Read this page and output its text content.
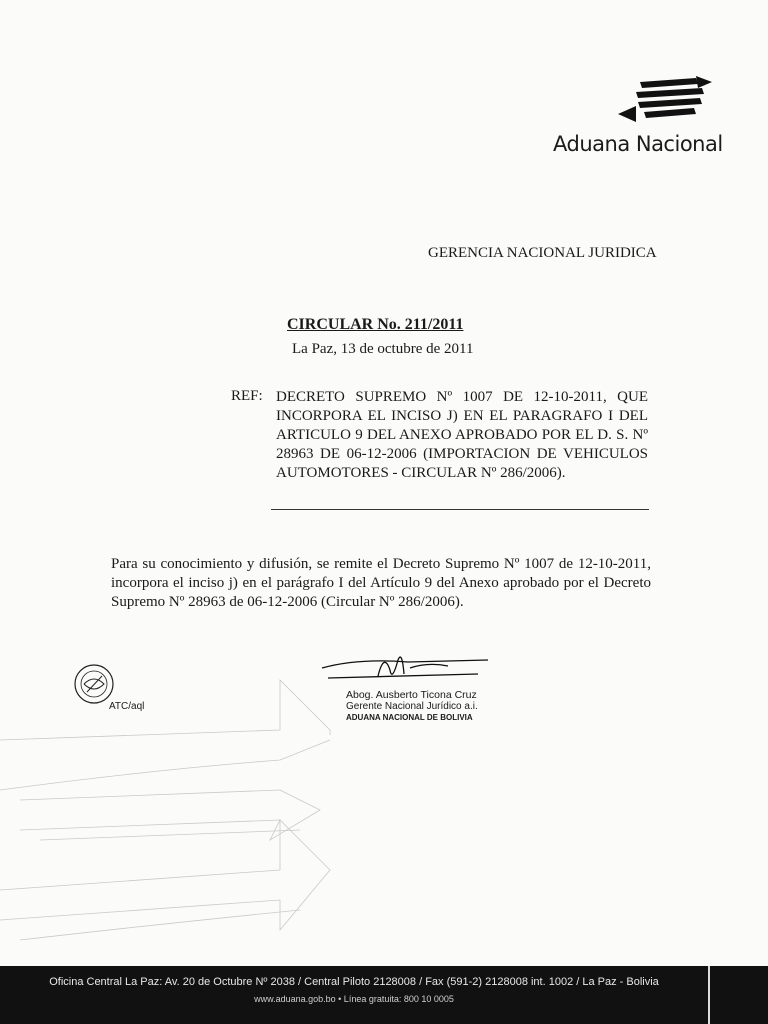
Aduana Nacional
GERENCIA NACIONAL JURIDICA
CIRCULAR No. 211/2011
La Paz, 13 de octubre de 2011
REF: DECRETO SUPREMO Nº 1007 DE 12-10-2011, QUE INCORPORA EL INCISO J) EN EL PARAGRAFO I DEL ARTICULO 9 DEL ANEXO APROBADO POR EL D. S. Nº 28963 DE 06-12-2006 (IMPORTACION DE VEHICULOS AUTOMOTORES - CIRCULAR Nº 286/2006).
Para su conocimiento y difusión, se remite el Decreto Supremo Nº 1007 de 12-10-2011, incorpora el inciso j) en el parágrafo I del Artículo 9 del Anexo aprobado por el Decreto Supremo Nº 28963 de 06-12-2006 (Circular Nº 286/2006).
ATC/aql
Abog. Ausberto Ticona Cruz
Gerente Nacional Jurídico a.i.
ADUANA NACIONAL DE BOLIVIA
Oficina Central La Paz: Av. 20 de Octubre Nº 2038 / Central Piloto 2128008 / Fax (591-2) 2128008 int. 1002 / La Paz - Bolivia
www.aduana.gob.bo • Línea gratuita: 800 10 0005
